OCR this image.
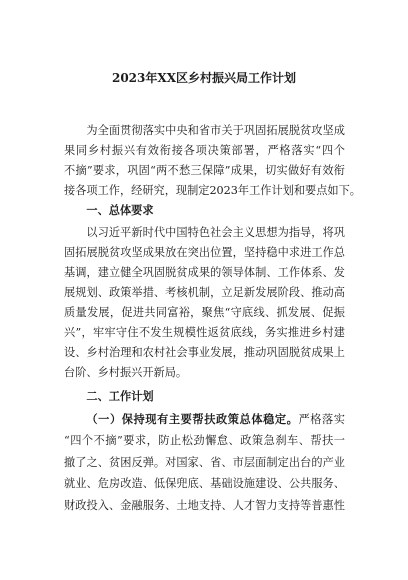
2023年XX区乡村振兴局工作计划
为全面贯彻落实中央和省市关于巩固拓展脱贫攻坚成
果同乡村振兴有效衔接各项决策部署，严格落实“四个
不摘”要求，巩固“两不愁三保障”成果，切实做好有效衔
接各项工作，经研究，现制定2023年工作计划和要点如下。
一、总体要求
以习近平新时代中国特色社会主义思想为指导，将巩
固拓展脱贫攻坚成果放在突出位置，坚持稳中求进工作总
基调，建立健全巩固脱贫成果的领导体制、工作体系、发
展规划、政策举措、考核机制，立足新发展阶段、推动高
质量发展，促进共同富裕，聚焦“守底线、抓发展、促振
兴”，牢牢守住不发生规模性返贫底线，务实推进乡村建
设、乡村治理和农村社会事业发展，推动巩固脱贫成果上
台阶、乡村振兴开新局。
二、工作计划
（一）保持现有主要帮扶政策总体稳定。严格落实
“四个不摘”要求，防止松劲懈怠、政策急刹车、帮扶一
撤了之、贫困反弹。对国家、省、市层面制定出台的产业
就业、危房改造、低保兜底、基础设施建设、公共服务、
财政投入、金融服务、土地支持、人才智力支持等普惠性
